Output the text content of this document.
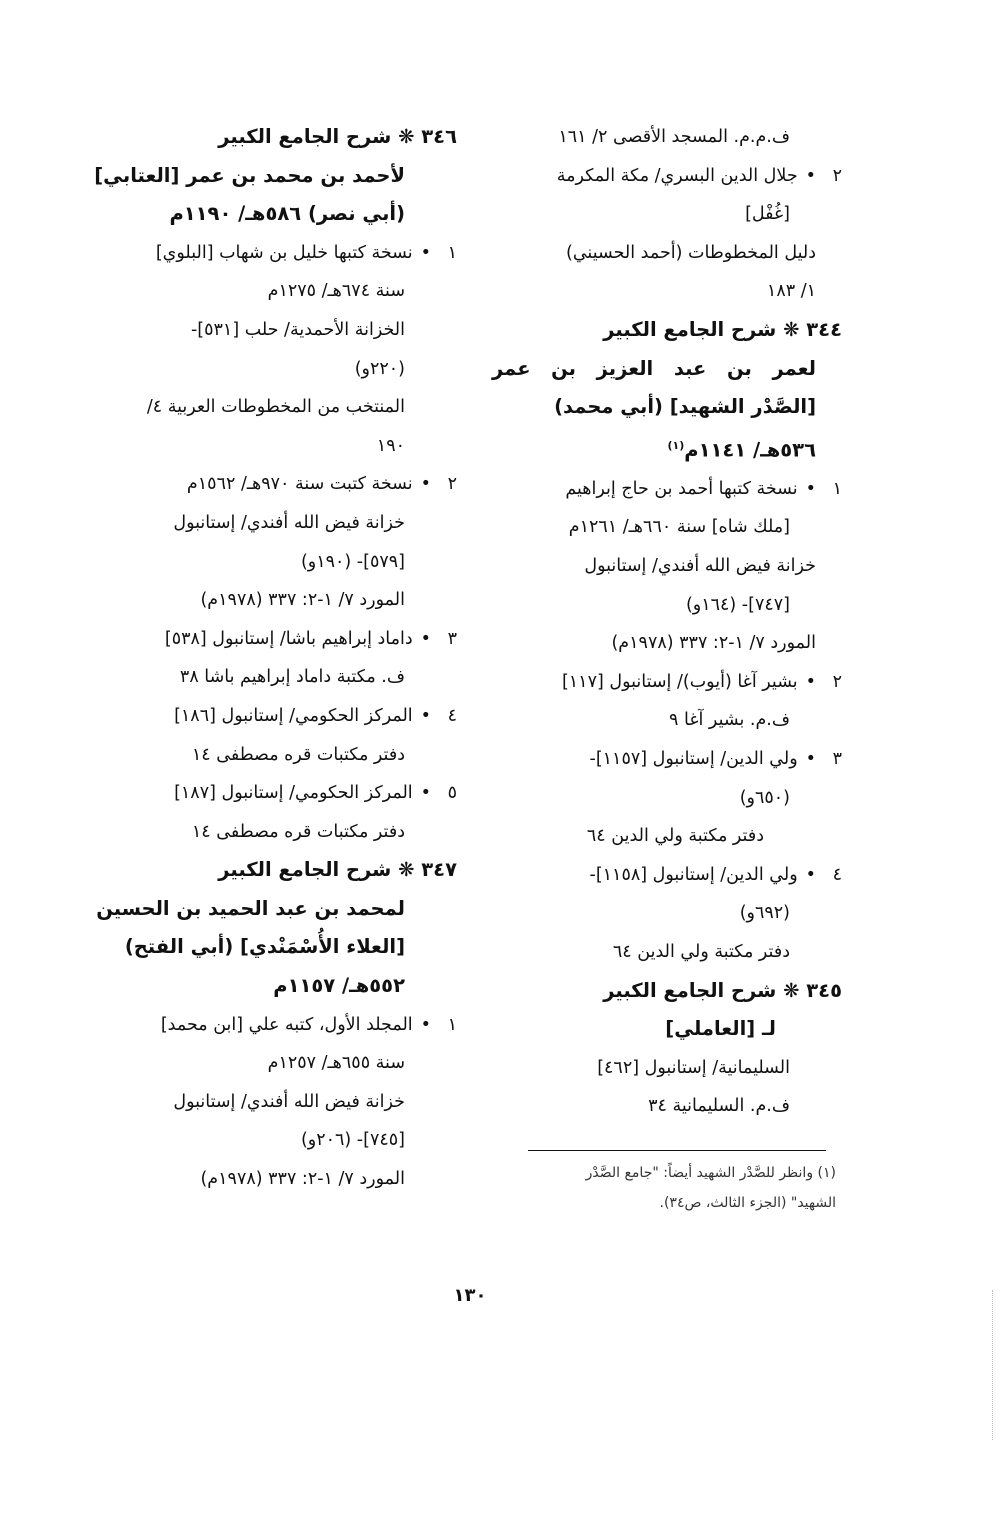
ف.م.م. المسجد الأقصى ٢/ ١٦١
٢
•
جلال الدين البسري/ مكة المكرمة
[غُفْل]
دليل المخطوطات (أحمد الحسيني)
١/ ١٨٣
٣٤٤ ❋ شرح الجامع الكبير
لعمر بن عبد العزيز بن عمر
[الصَّدْر الشهيد] (أبي محمد)
٥٣٦هـ/ ١١٤١م$^{(١)}$
١
•
نسخة كتبها أحمد بن حاج إبراهيم
[ملك شاه] سنة ٦٦٠هـ/ ١٢٦١م
خزانة فيض الله أفندي/ إستانبول
[٧٤٧]- (١٦٤و)
المورد ٧/ ١-٢: ٣٣٧ (١٩٧٨م)
٢
•
بشير آغا (أيوب)/ إستانبول [١١٧]
ف.م. بشير آغا ٩
٣
•
ولي الدين/ إستانبول [١١٥٧]-
(٦٥٠و)
دفتر مكتبة ولي الدين ٦٤
٤
•
ولي الدين/ إستانبول [١١٥٨]-
(٦٩٢و)
دفتر مكتبة ولي الدين ٦٤
٣٤٥ ❋ شرح الجامع الكبير
لـ [العاملي]
السليمانية/ إستانبول [٤٦٢]
ف.م. السليمانية ٣٤
٣٤٦ ❋ شرح الجامع الكبير
لأحمد بن محمد بن عمر [العتابي]
(أبي نصر) ٥٨٦هـ/ ١١٩٠م
١
•
نسخة كتبها خليل بن شهاب [البلوي]
سنة ٦٧٤هـ/ ١٢٧٥م
الخزانة الأحمدية/ حلب [٥٣١]-
(٢٢٠و)
المنتخب من المخطوطات العربية ٤/
١٩٠
٢
•
نسخة كتبت سنة ٩٧٠هـ/ ١٥٦٢م
خزانة فيض الله أفندي/ إستانبول
[٥٧٩]- (١٩٠و)
المورد ٧/ ١-٢: ٣٣٧ (١٩٧٨م)
٣
•
داماد إبراهيم باشا/ إستانبول [٥٣٨]
ف. مكتبة داماد إبراهيم باشا ٣٨
٤
•
المركز الحكومي/ إستانبول [١٨٦]
دفتر مكتبات قره مصطفى ١٤
٥
•
المركز الحكومي/ إستانبول [١٨٧]
دفتر مكتبات قره مصطفى ١٤
٣٤٧ ❋ شرح الجامع الكبير
لمحمد بن عبد الحميد بن الحسين
[العلاء الأُسْمَنْدي] (أبي الفتح)
٥٥٢هـ/ ١١٥٧م
١
•
المجلد الأول، كتبه علي [ابن محمد]
سنة ٦٥٥هـ/ ١٢٥٧م
خزانة فيض الله أفندي/ إستانبول
[٧٤٥]- (٢٠٦و)
المورد ٧/ ١-٢: ٣٣٧ (١٩٧٨م)	(١) وانظر للصَّدْر الشهيد أيضاً: "جامع الصَّدْر
الشهيد" (الجزء الثالث، ص٣٤).
١٣٠
